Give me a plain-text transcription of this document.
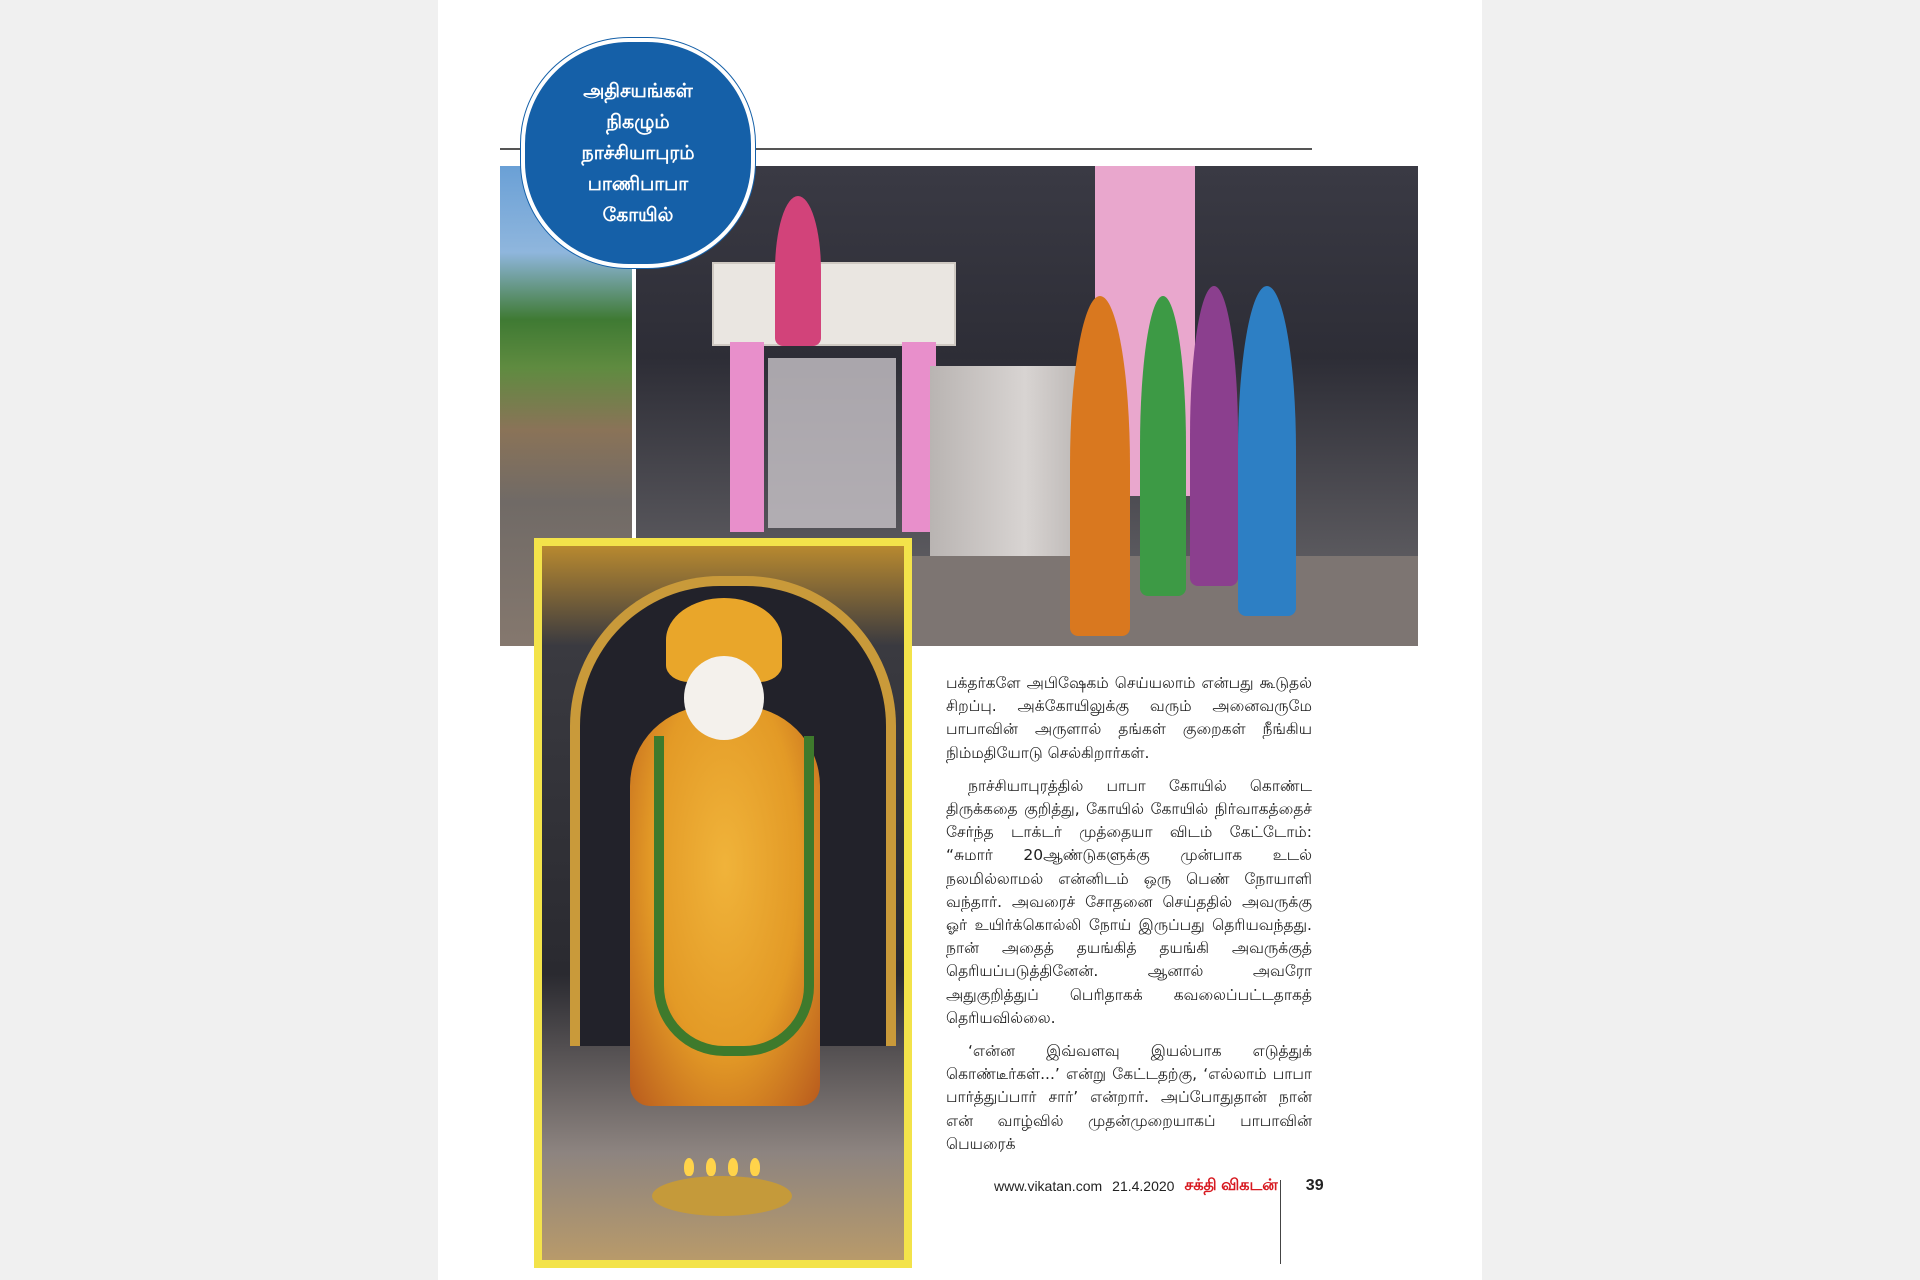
அதிசயங்கள்
நிகழும்
நாச்சியாபுரம்
பாணிபாபா
கோயில்

பக்தர்களே அபிஷேகம் செய்யலாம் என்பது கூடுதல் சிறப்பு. அக்கோயிலுக்கு வரும் அனைவருமே பாபாவின் அருளால் தங்கள் குறைகள் நீங்கிய நிம்மதியோடு செல்கிறார்கள்.

நாச்சியாபுரத்தில் பாபா கோயில் கொண்ட திருக்கதை குறித்து, கோயில் கோயில் நிர்வாகத்தைச் சேர்ந்த டாக்டர் முத்தையா விடம் கேட்டோம்: “சுமார் 20ஆண்டுகளுக்கு முன்பாக உடல் நலமில்லாமல் என்னிடம் ஒரு பெண் நோயாளி வந்தார். அவரைச் சோதனை செய்ததில் அவருக்கு ஓர் உயிர்க்கொல்லி நோய் இருப்பது தெரியவந்தது. நான் அதைத் தயங்கித் தயங்கி அவருக்குத் தெரியப்படுத்தினேன். ஆனால் அவரோ அதுகுறித்துப் பெரிதாகக் கவலைப்பட்டதாகத் தெரியவில்லை.

‘என்ன இவ்வளவு இயல்பாக எடுத்துக் கொண்டீர்கள்...’ என்று கேட்டதற்கு, ‘எல்லாம் பாபா பார்த்துப்பார் சார்’ என்றார். அப்போதுதான் நான் என் வாழ்வில் முதன்முறையாகப் பாபாவின் பெயரைக்

www.vikatan.com 21.4.2020 சக்தி விகடன் 39
